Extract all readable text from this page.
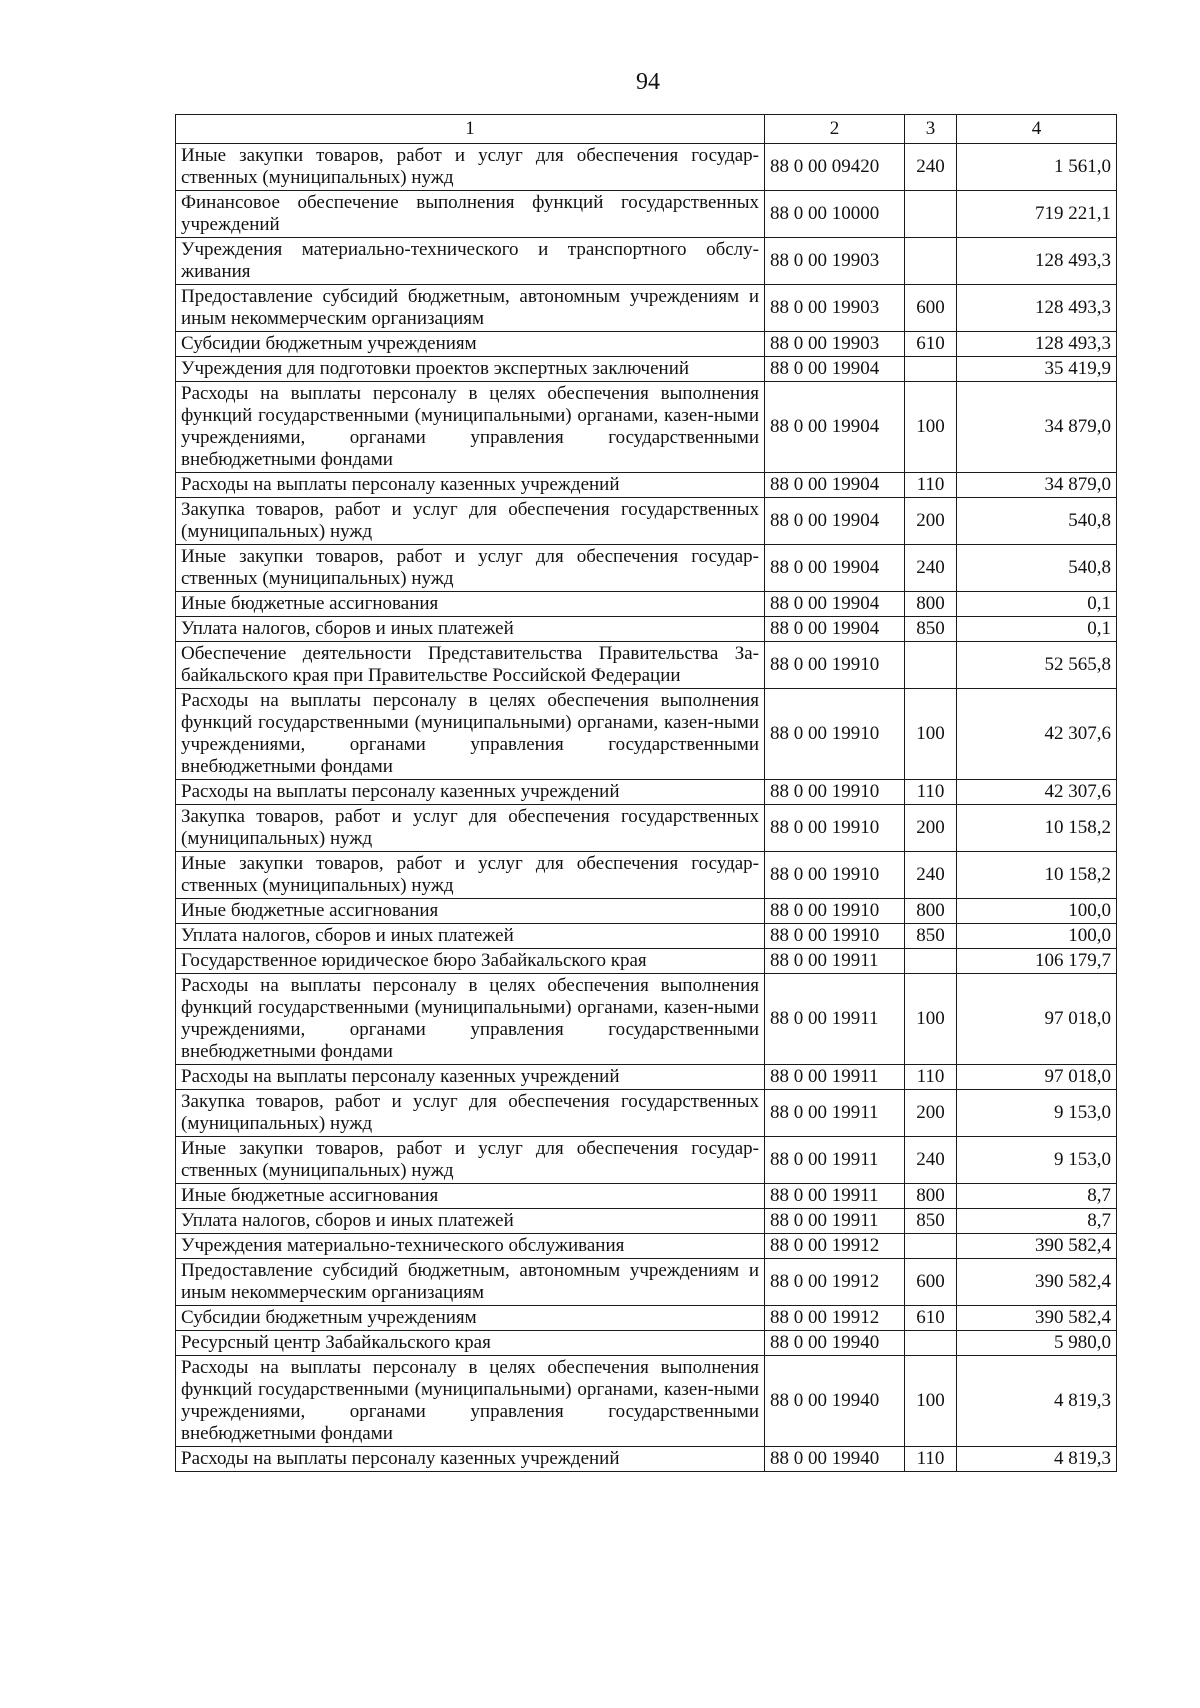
94
1	2	3	4
Иные закупки товаров, работ и услуг для обеспечения государ-ственных (муниципальных) нужд	88 0 00 09420	240	1 561,0
Финансовое обеспечение выполнения функций государственных учреждений	88 0 00 10000		719 221,1
Учреждения материально-технического и транспортного обслу-живания	88 0 00 19903		128 493,3
Предоставление субсидий бюджетным, автономным учреждениям и иным некоммерческим организациям	88 0 00 19903	600	128 493,3
Субсидии бюджетным учреждениям	88 0 00 19903	610	128 493,3
Учреждения для подготовки проектов экспертных заключений	88 0 00 19904		35 419,9
Расходы на выплаты персоналу в целях обеспечения выполнения функций государственными (муниципальными) органами, казен-ными учреждениями, органами управления государственными внебюджетными фондами	88 0 00 19904	100	34 879,0
Расходы на выплаты персоналу казенных учреждений	88 0 00 19904	110	34 879,0
Закупка товаров, работ и услуг для обеспечения государственных (муниципальных) нужд	88 0 00 19904	200	540,8
Иные закупки товаров, работ и услуг для обеспечения государ-ственных (муниципальных) нужд	88 0 00 19904	240	540,8
Иные бюджетные ассигнования	88 0 00 19904	800	0,1
Уплата налогов, сборов и иных платежей	88 0 00 19904	850	0,1
Обеспечение деятельности Представительства Правительства За-байкальского края при Правительстве Российской Федерации	88 0 00 19910		52 565,8
Расходы на выплаты персоналу в целях обеспечения выполнения функций государственными (муниципальными) органами, казен-ными учреждениями, органами управления государственными внебюджетными фондами	88 0 00 19910	100	42 307,6
Расходы на выплаты персоналу казенных учреждений	88 0 00 19910	110	42 307,6
Закупка товаров, работ и услуг для обеспечения государственных (муниципальных) нужд	88 0 00 19910	200	10 158,2
Иные закупки товаров, работ и услуг для обеспечения государ-ственных (муниципальных) нужд	88 0 00 19910	240	10 158,2
Иные бюджетные ассигнования	88 0 00 19910	800	100,0
Уплата налогов, сборов и иных платежей	88 0 00 19910	850	100,0
Государственное юридическое бюро Забайкальского края	88 0 00 19911		106 179,7
Расходы на выплаты персоналу в целях обеспечения выполнения функций государственными (муниципальными) органами, казен-ными учреждениями, органами управления государственными внебюджетными фондами	88 0 00 19911	100	97 018,0
Расходы на выплаты персоналу казенных учреждений	88 0 00 19911	110	97 018,0
Закупка товаров, работ и услуг для обеспечения государственных (муниципальных) нужд	88 0 00 19911	200	9 153,0
Иные закупки товаров, работ и услуг для обеспечения государ-ственных (муниципальных) нужд	88 0 00 19911	240	9 153,0
Иные бюджетные ассигнования	88 0 00 19911	800	8,7
Уплата налогов, сборов и иных платежей	88 0 00 19911	850	8,7
Учреждения материально-технического обслуживания	88 0 00 19912		390 582,4
Предоставление субсидий бюджетным, автономным учреждениям и иным некоммерческим организациям	88 0 00 19912	600	390 582,4
Субсидии бюджетным учреждениям	88 0 00 19912	610	390 582,4
Ресурсный центр Забайкальского края	88 0 00 19940		5 980,0
Расходы на выплаты персоналу в целях обеспечения выполнения функций государственными (муниципальными) органами, казен-ными учреждениями, органами управления государственными внебюджетными фондами	88 0 00 19940	100	4 819,3
Расходы на выплаты персоналу казенных учреждений	88 0 00 19940	110	4 819,3
